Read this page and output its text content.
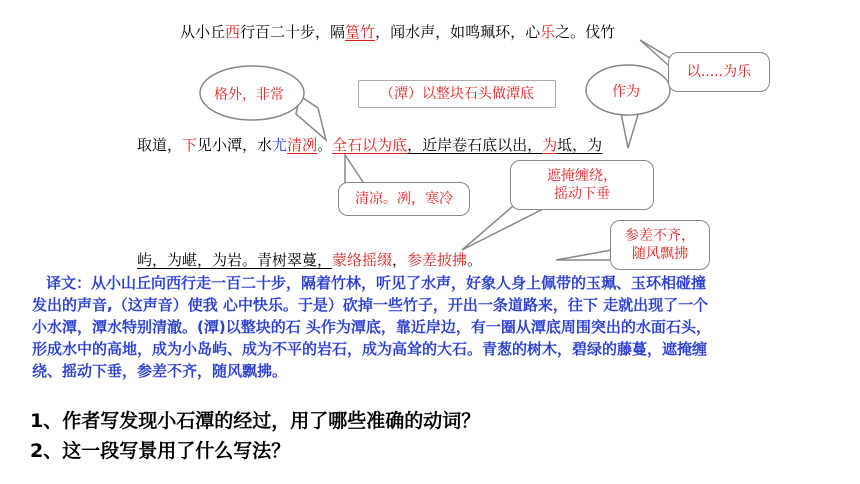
从小丘西行百二十步，隔篁竹，闻水声，如鸣珮环，心乐之。伐竹
取道，下见小潭，水尤清冽。全石以为底，近岸卷石底以出，为坻，为
屿，为嵁，为岩。青树翠蔓，蒙络摇缀，参差披拂。
格外，非常	作为
（潭）以整块石头做潭底
以.....为乐
清凉。冽，寒冷
遮掩缠绕，
摇动下垂
参差不齐，
随风飘拂

译文：从小山丘向西行走一百二十步，隔着竹林，听见了水声，好象人身上佩带的玉珮、玉环相碰撞

发出的声音,（这声音）使我 心中快乐。于是）砍掉一些竹子，开出一条道路来，往下 走就出现了一个

小水潭，潭水特别清澈。(潭)以整块的石 头作为潭底，靠近岸边，有一圈从潭底周围突出的水面石头，

形成水中的高地，成为小岛屿、成为不平的岩石，成为高耸的大石。青葱的树木，碧绿的藤蔓，遮掩缠

绕、摇动下垂，参差不齐，随风飘拂。

1、作者写发现小石潭的经过，用了哪些准确的动词？
2、这一段写景用了什么写法？
